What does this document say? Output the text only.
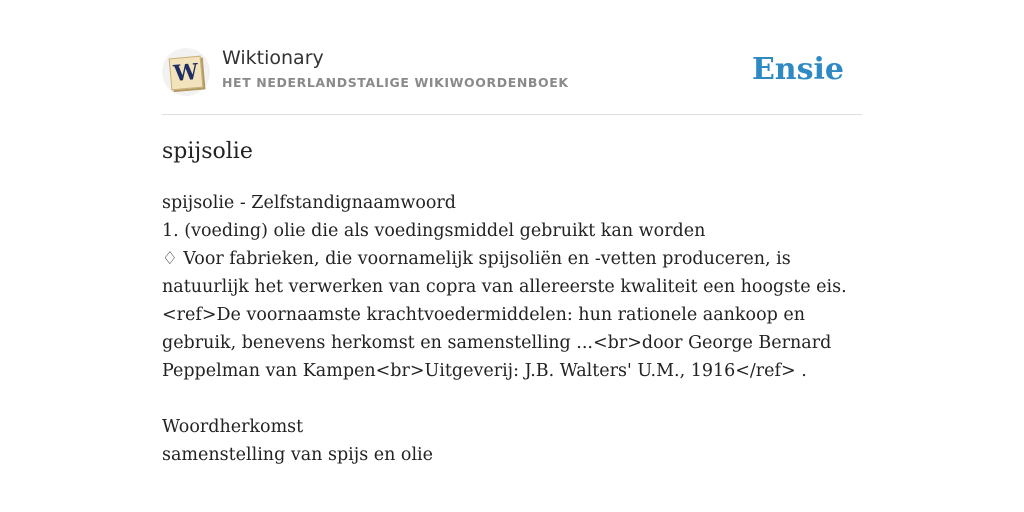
W
Wiktionary
HET NEDERLANDSTALIGE WIKIWOORDENBOEK	Ensie
spijsolie

spijsolie - Zelfstandignaamwoord

1. (voeding) olie die als voedingsmiddel gebruikt kan worden

♢ Voor fabrieken, die voornamelijk spijsoliën en -vetten produceren, is natuurlijk het verwerken van copra van allereerste kwaliteit een hoogste eis. <ref>De voornaamste krachtvoedermiddelen: hun rationele aankoop en gebruik, benevens herkomst en samenstelling ...<br>door George Bernard Peppelman van Kampen<br>Uitgeverij: J.B. Walters' U.M., 1916</ref> .

Woordherkomst

samenstelling van spijs en olie
